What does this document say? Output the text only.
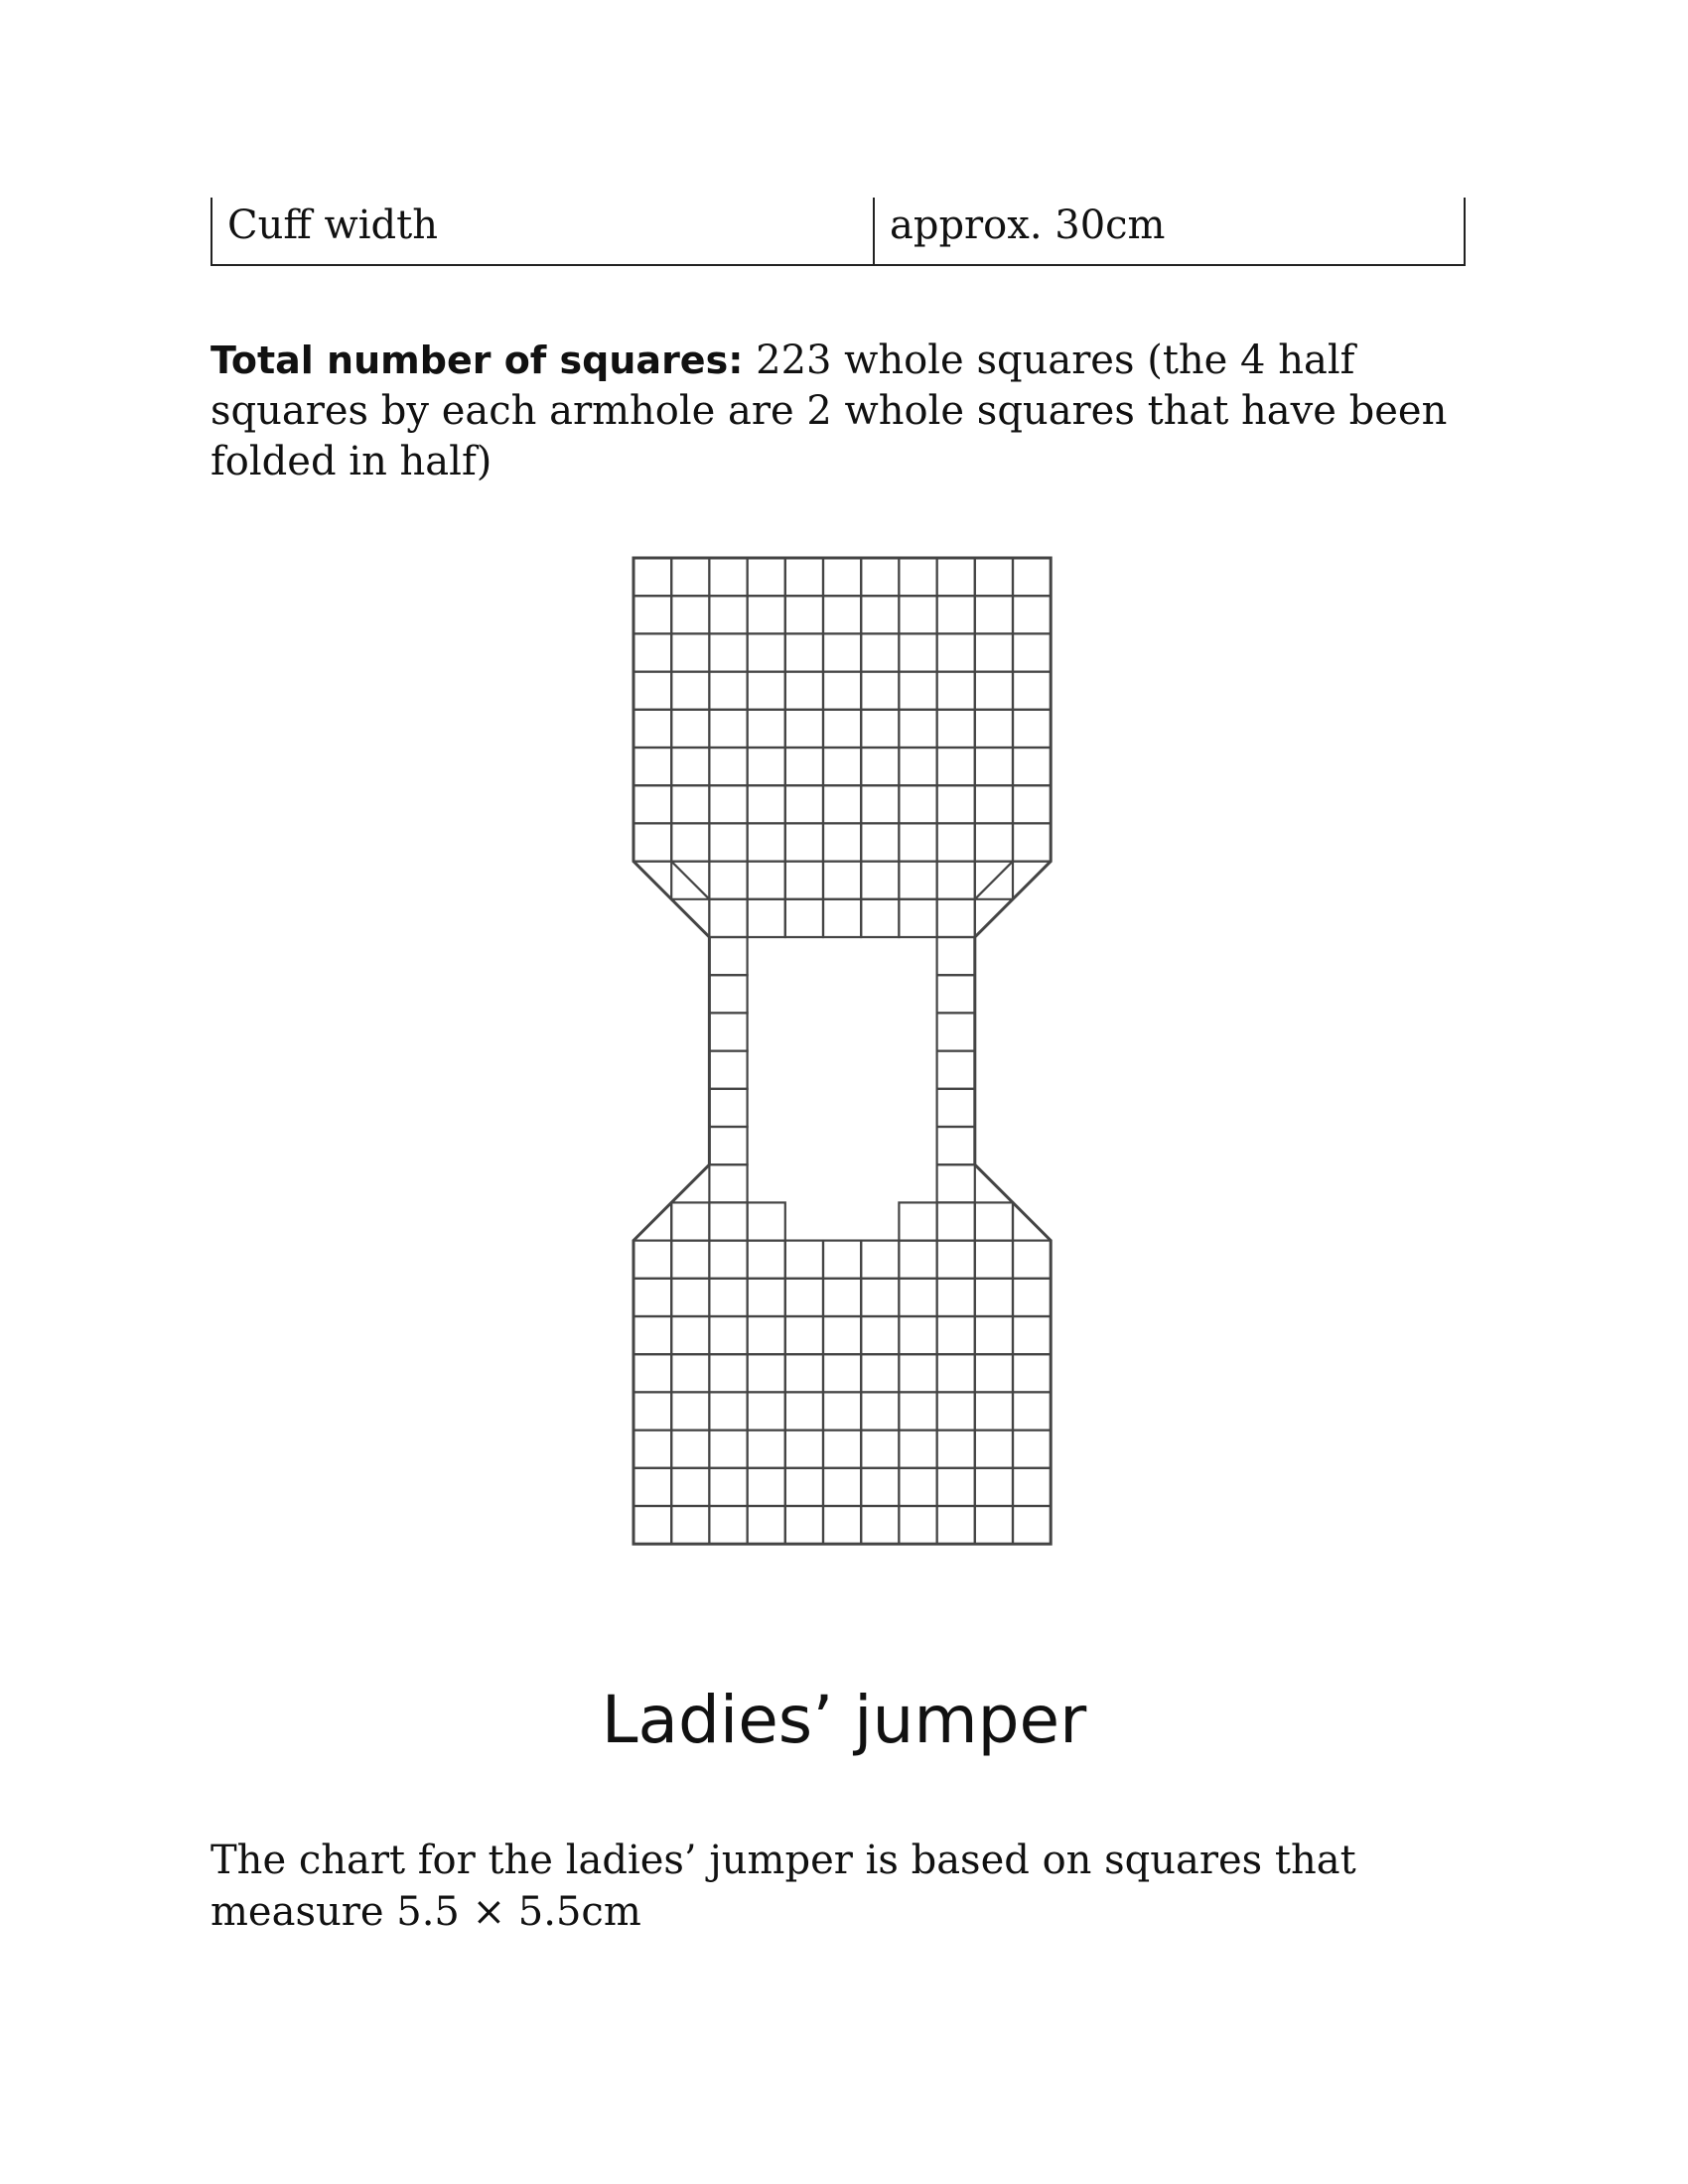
Cuff width	approx. 30cm

Total number of squares: 223 whole squares (the 4 half squares by each armhole are 2 whole squares that have been folded in half)

Ladies’ jumper

The chart for the ladies’ jumper is based on squares that measure 5.5 × 5.5cm
